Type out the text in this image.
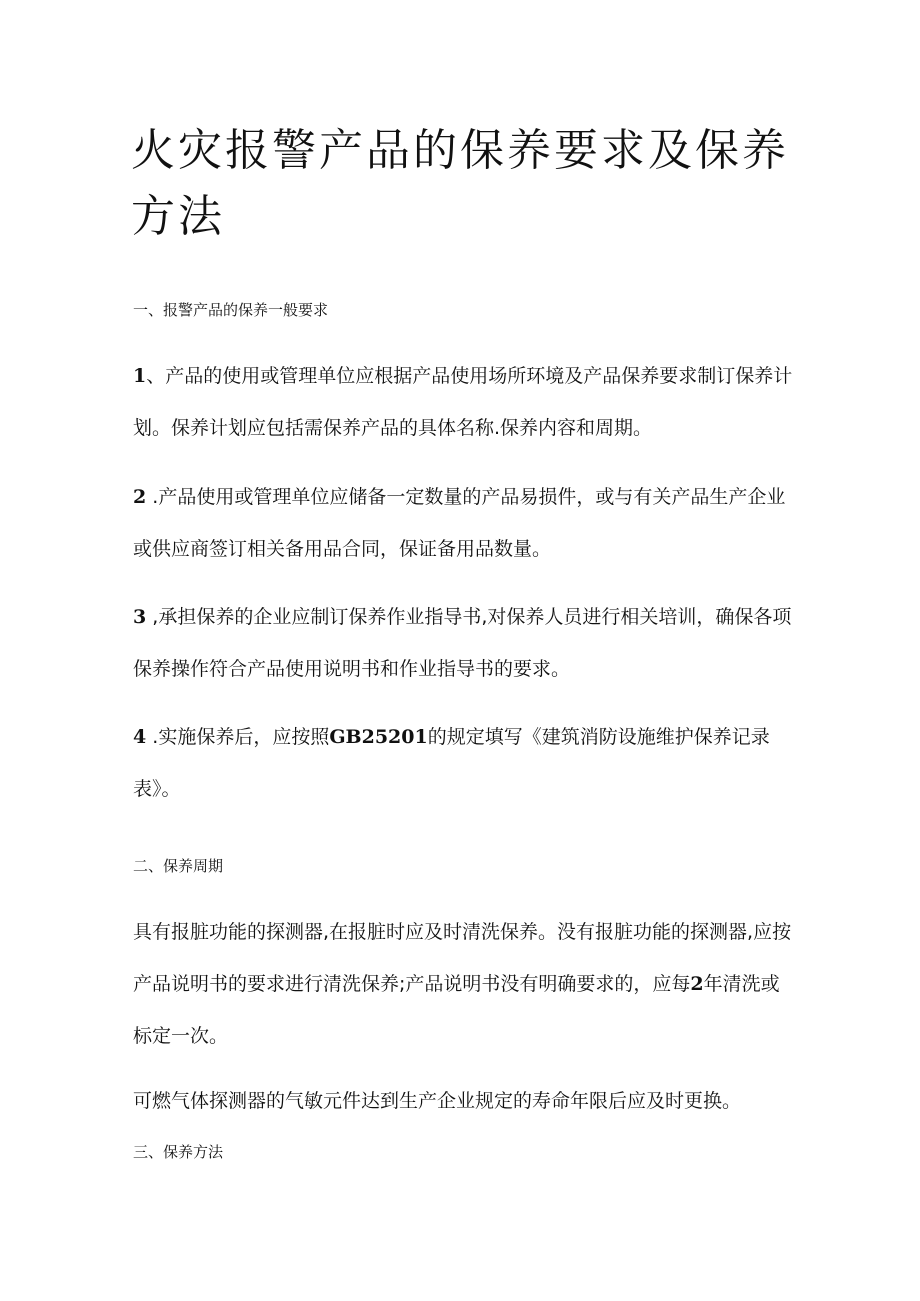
火灾报警产品的保养要求及保养方法

一、报警产品的保养一般要求

1、产品的使用或管理单位应根据产品使用场所环境及产品保养要求制订保养计划。保养计划应包括需保养产品的具体名称.保养内容和周期。

2 .产品使用或管理单位应储备一定数量的产品易损件，或与有关产品生产企业或供应商签订相关备用品合同，保证备用品数量。

3 ,承担保养的企业应制订保养作业指导书,对保养人员进行相关培训，确保各项保养操作符合产品使用说明书和作业指导书的要求。

4 .实施保养后，应按照GB25201的规定填写《建筑消防设施维护保养记录表》。

二、保养周期

具有报脏功能的探测器,在报脏时应及时清洗保养。没有报脏功能的探测器,应按产品说明书的要求进行清洗保养;产品说明书没有明确要求的，应每2年清洗或标定一次。

可燃气体探测器的气敏元件达到生产企业规定的寿命年限后应及时更换。

三、保养方法
